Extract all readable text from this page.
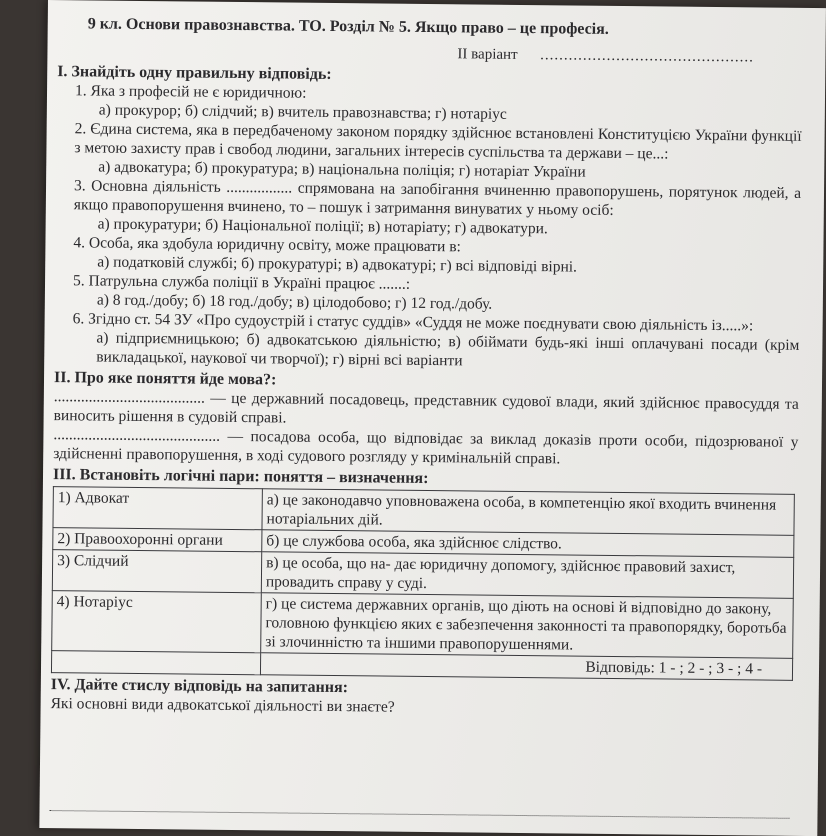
9 кл. Основи правознавства. ТО. Розділ № 5. Якщо право – це професія.
ІІ варіант .............................................
І. Знайдіть одну правильну відповідь:
1. Яка з професій не є юридичною:
а) прокурор; б) слідчий; в) вчитель правознавства; г) нотаріус
2. Єдина система, яка в передбаченому законом порядку здійснює встановлені Конституцією України функції з метою захисту прав і свобод людини, загальних інтересів суспільства та держави – це...:
а) адвокатура; б) прокуратура; в) національна поліція; г) нотаріат України
3. Основна діяльність ................. спрямована на запобігання вчиненню правопорушень, порятунок людей, а якщо правопорушення вчинено, то – пошук і затримання винуватих у ньому осіб:
а) прокуратури; б) Національної поліції; в) нотаріату; г) адвокатури.
4. Особа, яка здобула юридичну освіту, може працювати в:
а) податковій службі; б) прокуратурі; в) адвокатурі; г) всі відповіді вірні.
5. Патрульна служба поліції в Україні працює .......:
а) 8 год./добу; б) 18 год./добу; в) цілодобово; г) 12 год./добу.
6. Згідно ст. 54 ЗУ «Про судоустрій і статус суддів» «Суддя не може поєднувати свою діяльність із.....»:
а) підприємницькою; б) адвокатською діяльністю; в) обіймати будь-які інші оплачувані посади (крім викладацької, наукової чи творчої); г) вірні всі варіанти
ІІ. Про яке поняття йде мова?:
....................................... — це державний посадовець, представник судової влади, який здійснює правосуддя та виносить рішення в судовій справі.
........................................... — посадова особа, що відповідає за виклад доказів проти особи, підозрюваної у здійсненні правопорушення, в ході судового розгляду у кримінальній справі.
ІІІ. Встановіть логічні пари: поняття – визначення:
1) Адвокат	а) це законодавчо уповноважена особа, в компетенцію якої входить вчинення нотаріальних дій.
2) Правоохоронні органи	б) це службова особа, яка здійснює слідство.
3) Слідчий	в) це особа, що на- дає юридичну допомогу, здійснює правовий захист, провадить справу у суді.
4) Нотаріус	г) це система державних органів, що діють на основі й відповідно до закону, головною функцією яких є забезпечення законності та правопорядку, боротьба зі злочинністю та іншими правопорушеннями.
	Відповідь: 1 - ; 2 - ; 3 - ; 4 -
IV. Дайте стислу відповідь на запитання:
Які основні види адвокатської діяльності ви знаєте?
